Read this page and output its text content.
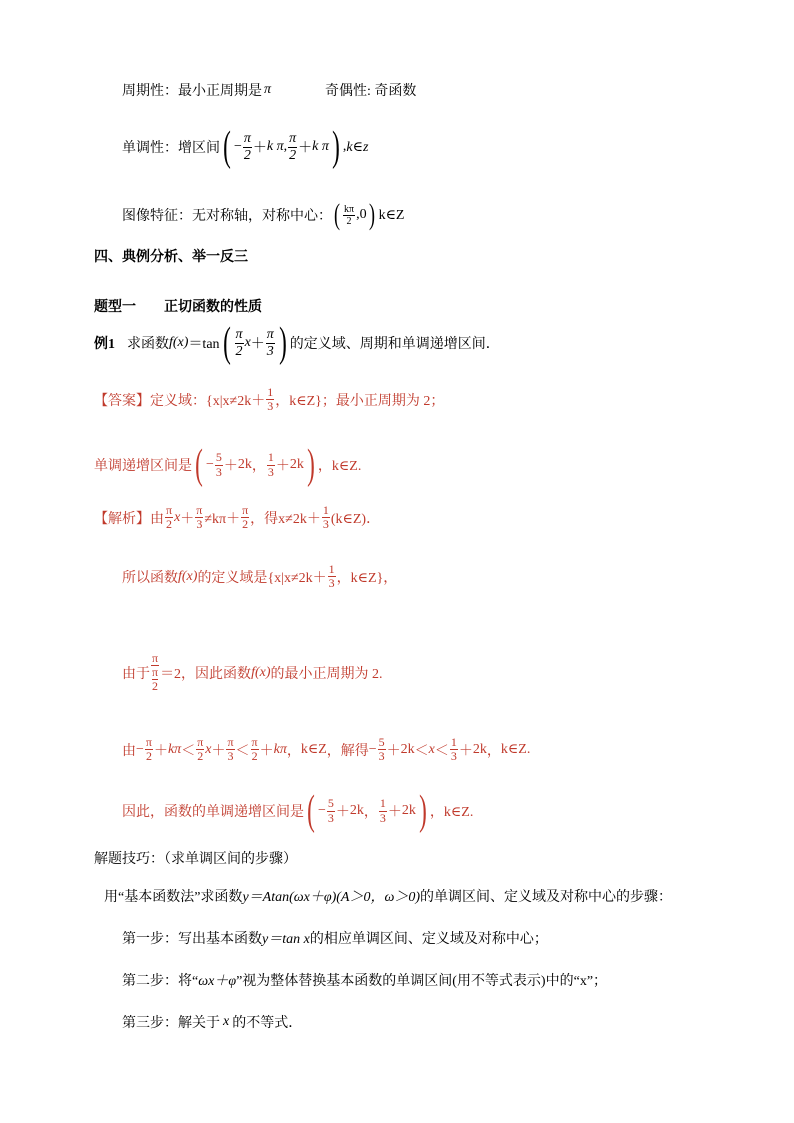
周期性：最小正周期是 π	奇偶性: 奇函数
单调性：增区间 ( − $\frac{\pi}{2} + k$ π , $\frac{\pi}{2} + k$ π ) , k∈z
图像特征：无对称轴，对称中心： ( $\frac{k\pi}{2}$ , 0 ) k∈Z
四、典例分析、举一反三
题型一 正切函数的性质
例1 求函数 f(x) ＝tan ( $\frac{\pi}{2}$ $x + \frac{\pi}{3}$ ) 的定义域、周期和单调递增区间．
【答案】 定义域： {$x|x\ne 2k+ \frac{1}{3}$ ，k∈Z} ；最小正周期为 2；
单调递增区间是 ( − $\frac{5}{3} + 2k$ ， $\frac{1}{3} + 2k$ ) ，k∈Z.
【解析】 由 $\frac{\pi}{2}$ $x + \frac{\pi}{3} \ne k\pi+ \frac{\pi}{2}$ ，得 $x\ne 2k+ \frac{1}{3}$ (k∈Z)．
所以函数 f(x) 的定义域是 {$x|x\ne 2k+ \frac{1}{3}$ ，k∈Z} ，
由于 π
π
2 ＝2，因此函数 f(x) 的最小正周期为 2.
由 − $\frac{\pi}{2} + k\pi < \frac{\pi}{2}$ $x + \frac{\pi}{3} < \frac{\pi}{2} + k\pi$ ， k∈Z ，解得 − $\frac{5}{3} + 2k < x < \frac{1}{3} + 2k$ ， k∈Z .
因此，函数的单调递增区间是 ( − $\frac{5}{3} + 2k$ ， $\frac{1}{3} + 2k$ ) ，k∈Z.
解题技巧：（求单调区间的步骤）
用“基本函数法”求函数 y＝Atan(ωx＋φ)(A＞0，ω＞0) 的单调区间、定义域及对称中心的步骤：
第一步：写出基本函数 y＝tan x 的相应单调区间、定义域及对称中心；
第二步：将“ ωx＋φ ”视为整体替换基本函数的单调区间(用不等式表示)中的“x”；
第三步：解关于 x 的不等式．
